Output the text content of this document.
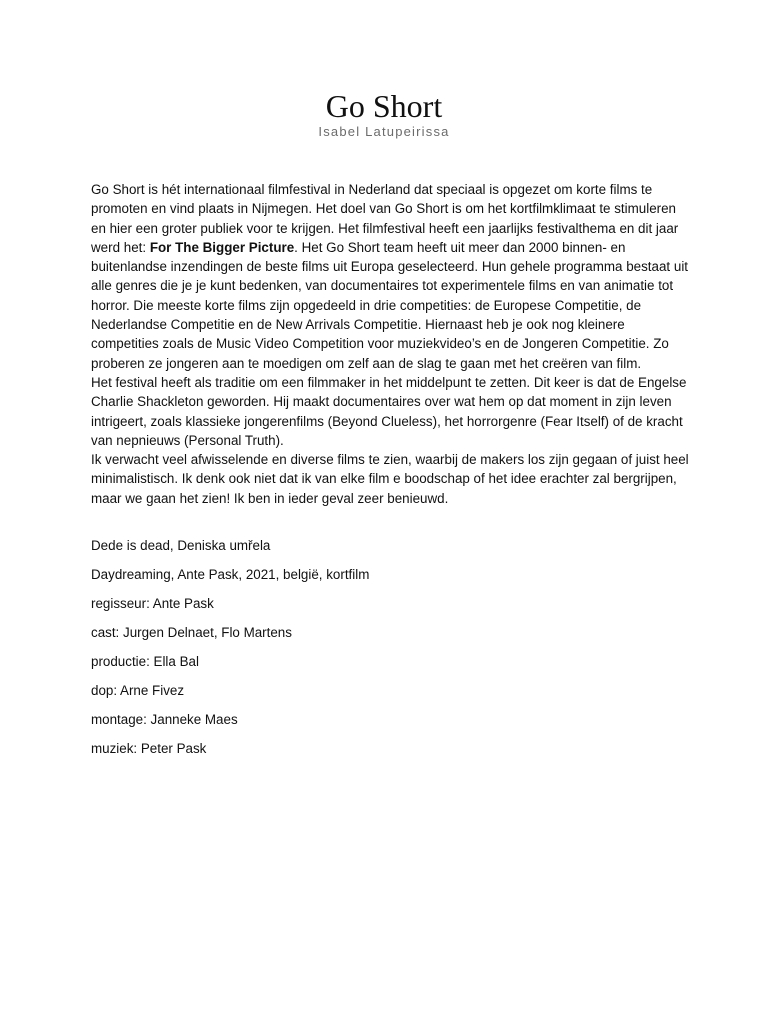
Go Short
Isabel Latupeirissa

Go Short is hét internationaal filmfestival in Nederland dat speciaal is opgezet om korte films te promoten en vind plaats in Nijmegen. Het doel van Go Short is om het kortfilmklimaat te stimuleren en hier een groter publiek voor te krijgen. Het filmfestival heeft een jaarlijks festivalthema en dit jaar werd het: For The Bigger Picture. Het Go Short team heeft uit meer dan 2000 binnen- en buitenlandse inzendingen de beste films uit Europa geselecteerd. Hun gehele programma bestaat uit alle genres die je je kunt bedenken, van documentaires tot experimentele films en van animatie tot horror. Die meeste korte films zijn opgedeeld in drie competities: de Europese Competitie, de Nederlandse Competitie en de New Arrivals Competitie. Hiernaast heb je ook nog kleinere competities zoals de Music Video Competition voor muziekvideo’s en de Jongeren Competitie. Zo proberen ze jongeren aan te moedigen om zelf aan de slag te gaan met het creëren van film.

Het festival heeft als traditie om een filmmaker in het middelpunt te zetten. Dit keer is dat de Engelse Charlie Shackleton geworden. Hij maakt documentaires over wat hem op dat moment in zijn leven intrigeert, zoals klassieke jongerenfilms (Beyond Clueless), het horrorgenre (Fear Itself) of de kracht van nepnieuws (Personal Truth).

Ik verwacht veel afwisselende en diverse films te zien, waarbij de makers los zijn gegaan of juist heel minimalistisch. Ik denk ook niet dat ik van elke film e boodschap of het idee erachter zal bergrijpen, maar we gaan het zien! Ik ben in ieder geval zeer benieuwd.

Dede is dead, Deniska umřela

Daydreaming, Ante Pask, 2021, belgië, kortfilm

regisseur: Ante Pask

cast: Jurgen Delnaet, Flo Martens

productie: Ella Bal

dop: Arne Fivez

montage: Janneke Maes

muziek: Peter Pask
